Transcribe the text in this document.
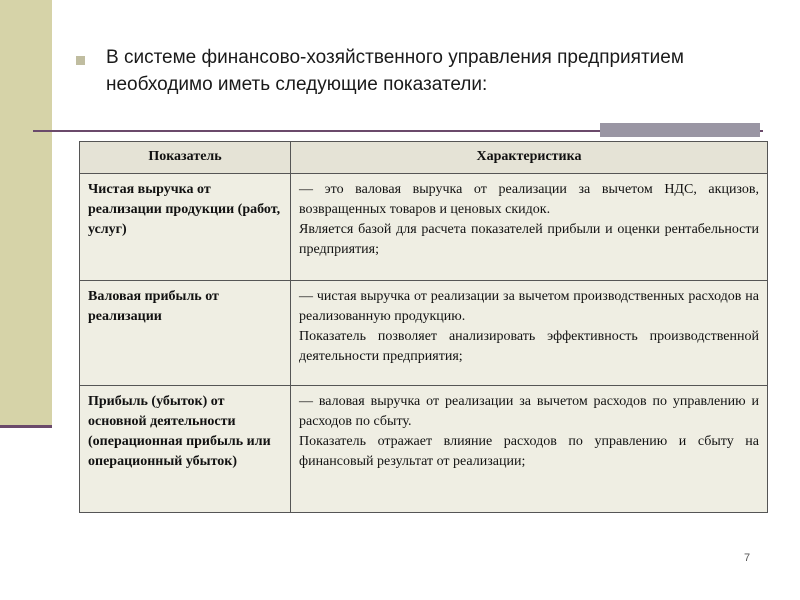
В системе финансово-хозяйственного управления предприятием
необходимо иметь следующие показатели:
Показатель	Характеристика
Чистая выручка от реализации продукции (работ, услуг)	— это валовая выручка от реализации за вычетом НДС, акцизов, возвращенных товаров и ценовых скидок.
Является базой для расчета показателей прибыли и оценки рентабельности предприятия;

Валовая прибыль от реализации	— чистая выручка от реализации за вычетом производственных расходов на реализованную продукцию.
Показатель позволяет анализировать эффективность производственной деятельности предприятия;

Прибыль (убыток) от основной деятельности (операционная прибыль или операционный убыток)	— валовая выручка от реализации за вычетом расходов по управлению и расходов по сбыту.
Показатель отражает влияние расходов по управлению и сбыту на финансовый результат от реализации;
7
